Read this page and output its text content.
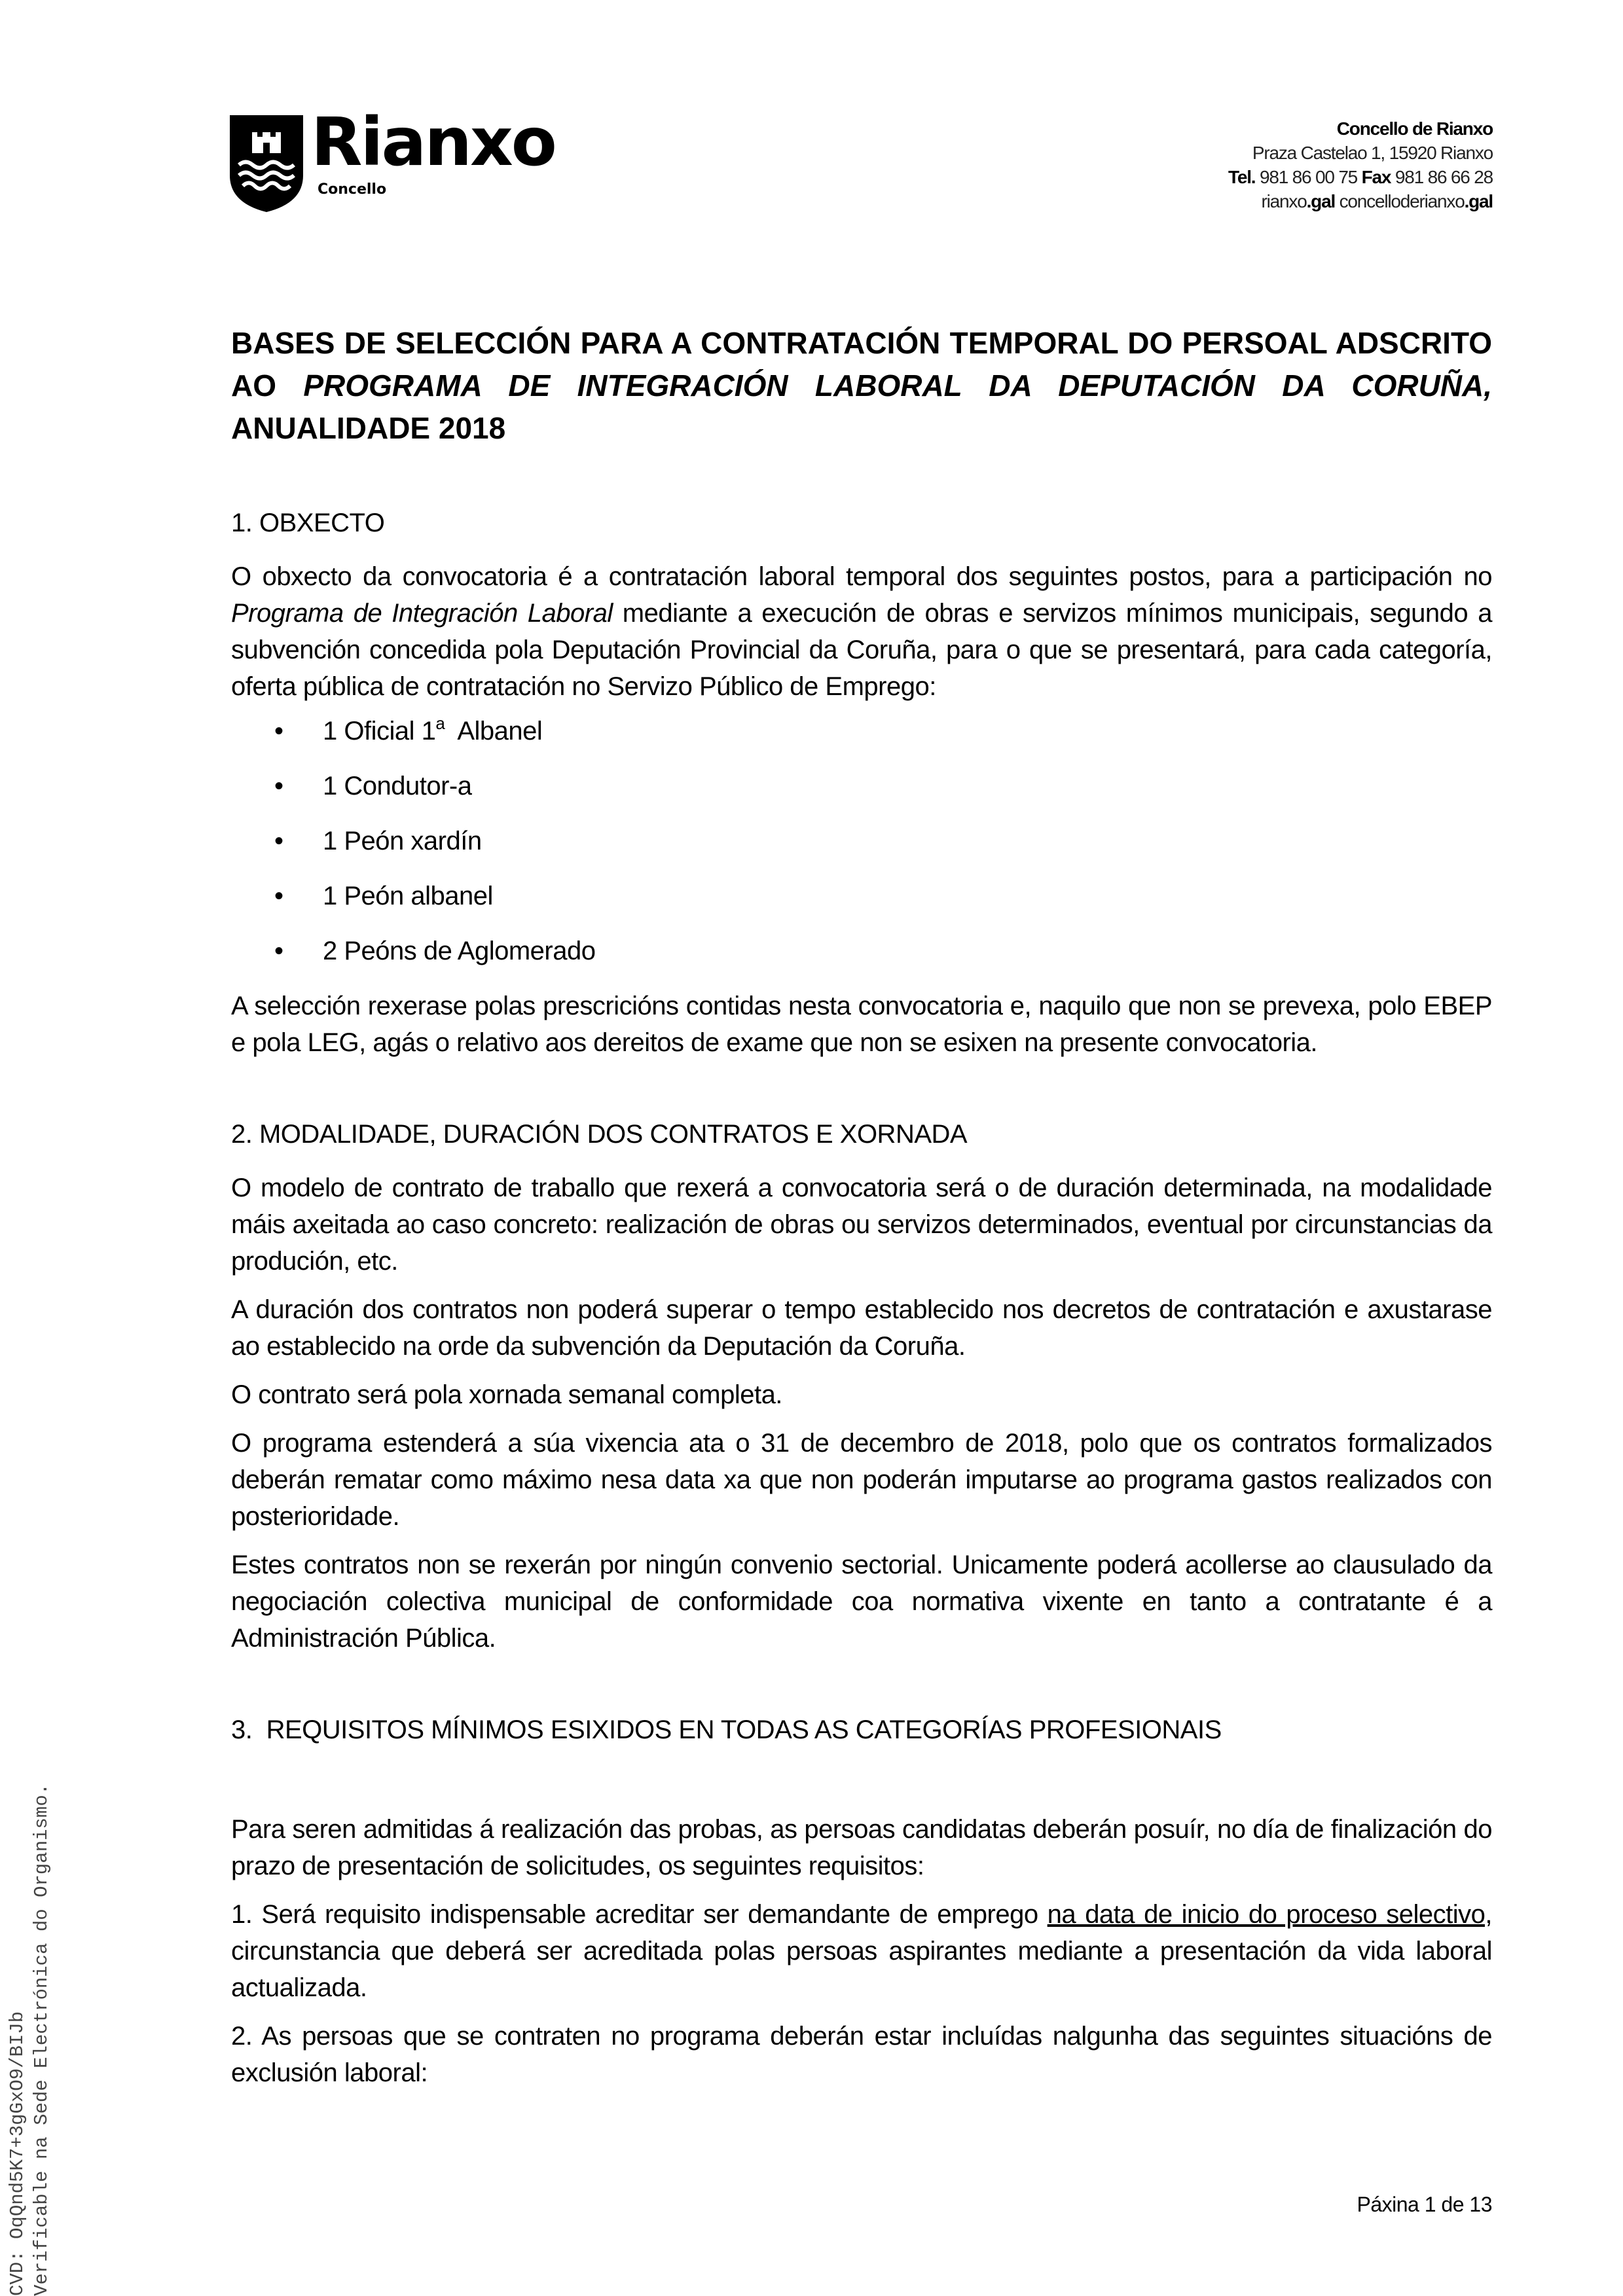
Rianxo
Concello
Concello de Rianxo
Praza Castelao 1, 15920 Rianxo
Tel. 981 86 00 75 Fax 981 86 66 28
rianxo.gal concelloderianxo.gal
BASES DE SELECCIÓN PARA A CONTRATACIÓN TEMPORAL DO PERSOAL ADSCRITO AO PROGRAMA DE INTEGRACIÓN LABORAL DA DEPUTACIÓN DA CORUÑA, ANUALIDADE 2018
1. OBXECTO

O obxecto da convocatoria é a contratación laboral temporal dos seguintes postos, para a participación no Programa de Integración Laboral mediante a execución de obras e servizos mínimos municipais, segundo a subvención concedida pola Deputación Provincial da Coruña, para o que se presentará, para cada categoría, oferta pública de contratación no Servizo Público de Emprego:

• 1 Oficial 1$^a$  Albanel
• 1 Condutor-a
• 1 Peón xardín
• 1 Peón albanel
• 2 Peóns de Aglomerado

A selección rexerase polas prescricións contidas nesta convocatoria e, naquilo que non se prevexa, polo EBEP e pola LEG, agás o relativo aos dereitos de exame que non se esixen na presente convocatoria.

2. MODALIDADE, DURACIÓN DOS CONTRATOS E XORNADA

O modelo de contrato de traballo que rexerá a convocatoria será o de duración determinada, na modalidade máis axeitada ao caso concreto: realización de obras ou servizos determinados, eventual por circunstancias da produción, etc.

A duración dos contratos non poderá superar o tempo establecido nos decretos de contratación e axustarase ao establecido na orde da subvención da Deputación da Coruña.

O contrato será pola xornada semanal completa.

O programa estenderá a súa vixencia ata o 31 de decembro de 2018, polo que os contratos formalizados deberán rematar como máximo nesa data xa que non poderán imputarse ao programa gastos realizados con posterioridade.

Estes contratos non se rexerán por ningún convenio sectorial. Unicamente poderá acollerse ao clausulado da negociación colectiva municipal de conformidade coa normativa vixente en tanto a contratante é a Administración Pública.

3.  REQUISITOS MÍNIMOS ESIXIDOS EN TODAS AS CATEGORÍAS PROFESIONAIS

Para seren admitidas á realización das probas, as persoas candidatas deberán posuír, no día de finalización do prazo de presentación de solicitudes, os seguintes requisitos:

1. Será requisito indispensable acreditar ser demandante de emprego na data de inicio do proceso selectivo, circunstancia que deberá ser acreditada polas persoas aspirantes mediante a presentación da vida laboral actualizada.

2. As persoas que se contraten no programa deberán estar incluídas nalgunha das seguintes situacións de exclusión laboral:

CVD: OqQnd5K7+3gGxO9/BIJb Verificable na Sede Electrónica do Organismo.	Páxina 1 de 13
